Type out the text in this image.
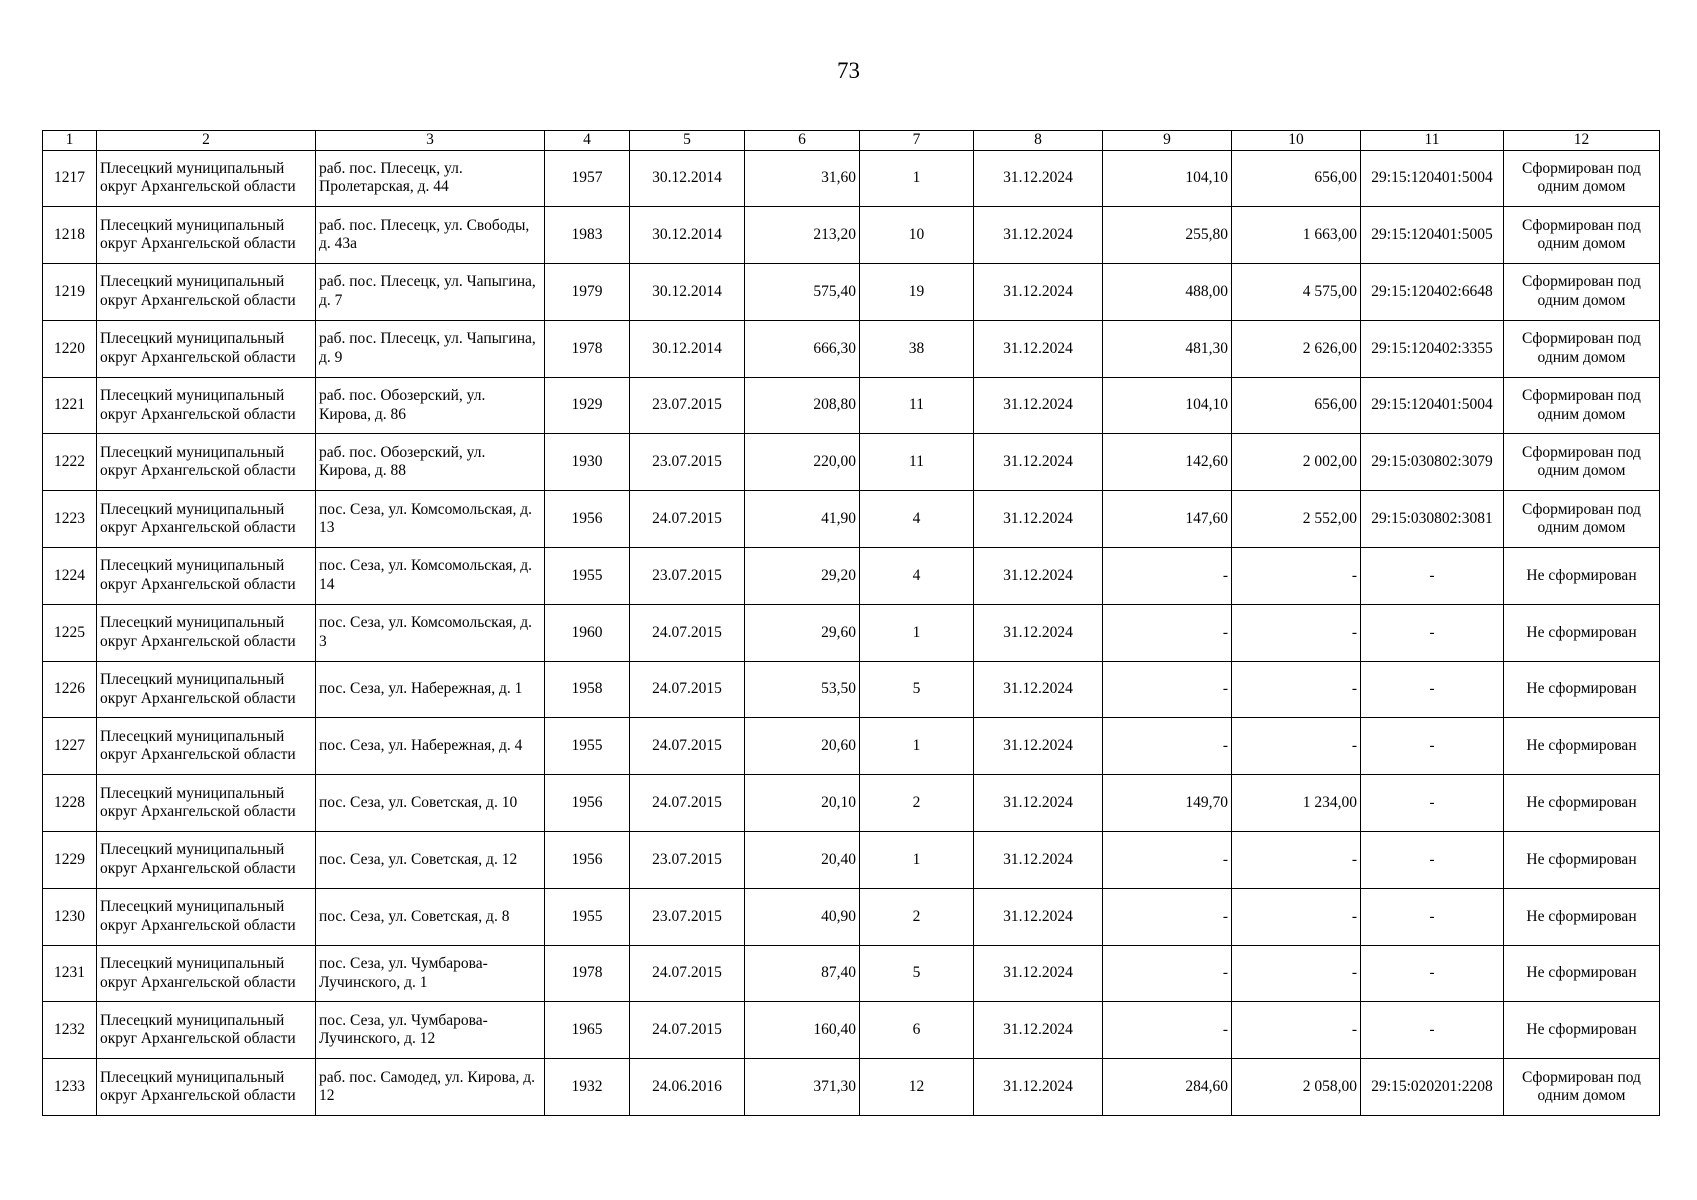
73
1	2	3	4	5	6	7	8	9	10	11	12
1217	Плесецкий муниципальный округ Архангельской области	раб. пос. Плесецк, ул. Пролетарская, д. 44	1957	30.12.2014	31,60	1	31.12.2024	104,10	656,00	29:15:120401:5004	Сформирован под одним домом
1218	Плесецкий муниципальный округ Архангельской области	раб. пос. Плесецк, ул. Свободы, д. 43а	1983	30.12.2014	213,20	10	31.12.2024	255,80	1 663,00	29:15:120401:5005	Сформирован под одним домом
1219	Плесецкий муниципальный округ Архангельской области	раб. пос. Плесецк, ул. Чапыгина, д. 7	1979	30.12.2014	575,40	19	31.12.2024	488,00	4 575,00	29:15:120402:6648	Сформирован под одним домом
1220	Плесецкий муниципальный округ Архангельской области	раб. пос. Плесецк, ул. Чапыгина, д. 9	1978	30.12.2014	666,30	38	31.12.2024	481,30	2 626,00	29:15:120402:3355	Сформирован под одним домом
1221	Плесецкий муниципальный округ Архангельской области	раб. пос. Обозерский, ул. Кирова, д. 86	1929	23.07.2015	208,80	11	31.12.2024	104,10	656,00	29:15:120401:5004	Сформирован под одним домом
1222	Плесецкий муниципальный округ Архангельской области	раб. пос. Обозерский, ул. Кирова, д. 88	1930	23.07.2015	220,00	11	31.12.2024	142,60	2 002,00	29:15:030802:3079	Сформирован под одним домом
1223	Плесецкий муниципальный округ Архангельской области	пос. Сеза, ул. Комсомольская, д. 13	1956	24.07.2015	41,90	4	31.12.2024	147,60	2 552,00	29:15:030802:3081	Сформирован под одним домом
1224	Плесецкий муниципальный округ Архангельской области	пос. Сеза, ул. Комсомольская, д. 14	1955	23.07.2015	29,20	4	31.12.2024	-	-	-	Не сформирован
1225	Плесецкий муниципальный округ Архангельской области	пос. Сеза, ул. Комсомольская, д. 3	1960	24.07.2015	29,60	1	31.12.2024	-	-	-	Не сформирован
1226	Плесецкий муниципальный округ Архангельской области	пос. Сеза, ул. Набережная, д. 1	1958	24.07.2015	53,50	5	31.12.2024	-	-	-	Не сформирован
1227	Плесецкий муниципальный округ Архангельской области	пос. Сеза, ул. Набережная, д. 4	1955	24.07.2015	20,60	1	31.12.2024	-	-	-	Не сформирован
1228	Плесецкий муниципальный округ Архангельской области	пос. Сеза, ул. Советская, д. 10	1956	24.07.2015	20,10	2	31.12.2024	149,70	1 234,00	-	Не сформирован
1229	Плесецкий муниципальный округ Архангельской области	пос. Сеза, ул. Советская, д. 12	1956	23.07.2015	20,40	1	31.12.2024	-	-	-	Не сформирован
1230	Плесецкий муниципальный округ Архангельской области	пос. Сеза, ул. Советская, д. 8	1955	23.07.2015	40,90	2	31.12.2024	-	-	-	Не сформирован
1231	Плесецкий муниципальный округ Архангельской области	пос. Сеза, ул. Чумбарова-Лучинского, д. 1	1978	24.07.2015	87,40	5	31.12.2024	-	-	-	Не сформирован
1232	Плесецкий муниципальный округ Архангельской области	пос. Сеза, ул. Чумбарова-Лучинского, д. 12	1965	24.07.2015	160,40	6	31.12.2024	-	-	-	Не сформирован
1233	Плесецкий муниципальный округ Архангельской области	раб. пос. Самодед, ул. Кирова, д. 12	1932	24.06.2016	371,30	12	31.12.2024	284,60	2 058,00	29:15:020201:2208	Сформирован под одним домом
